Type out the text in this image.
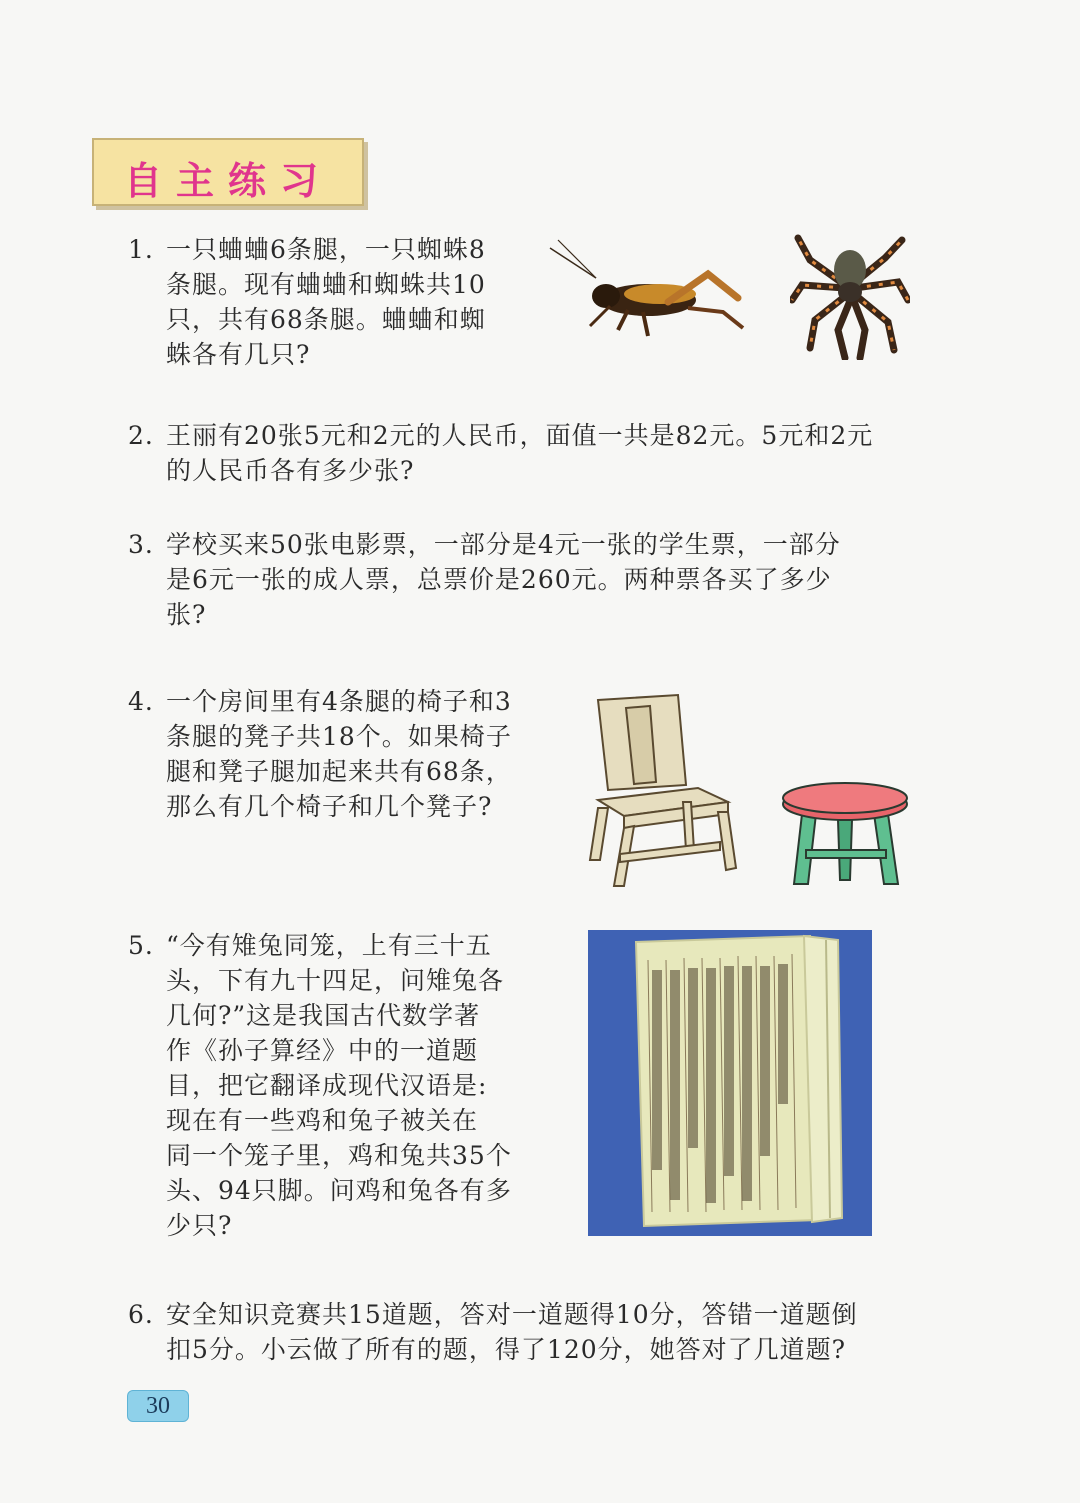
自主练习
1. 一只蛐蛐6条腿，一只蜘蛛8
条腿。现有蛐蛐和蜘蛛共10
只，共有68条腿。蛐蛐和蜘
蛛各有几只?
2. 王丽有20张5元和2元的人民币，面值一共是82元。5元和2元
的人民币各有多少张?
3. 学校买来50张电影票，一部分是4元一张的学生票，一部分
是6元一张的成人票，总票价是260元。两种票各买了多少
张?
4. 一个房间里有4条腿的椅子和3
条腿的凳子共18个。如果椅子
腿和凳子腿加起来共有68条，
那么有几个椅子和几个凳子?
5. “今有雉兔同笼，上有三十五
头，下有九十四足，问雉兔各
几何?”这是我国古代数学著
作《孙子算经》中的一道题
目，把它翻译成现代汉语是:
现在有一些鸡和兔子被关在
同一个笼子里，鸡和兔共35个
头、94只脚。问鸡和兔各有多
少只?
6. 安全知识竞赛共15道题，答对一道题得10分，答错一道题倒
扣5分。小云做了所有的题，得了120分，她答对了几道题?
30
